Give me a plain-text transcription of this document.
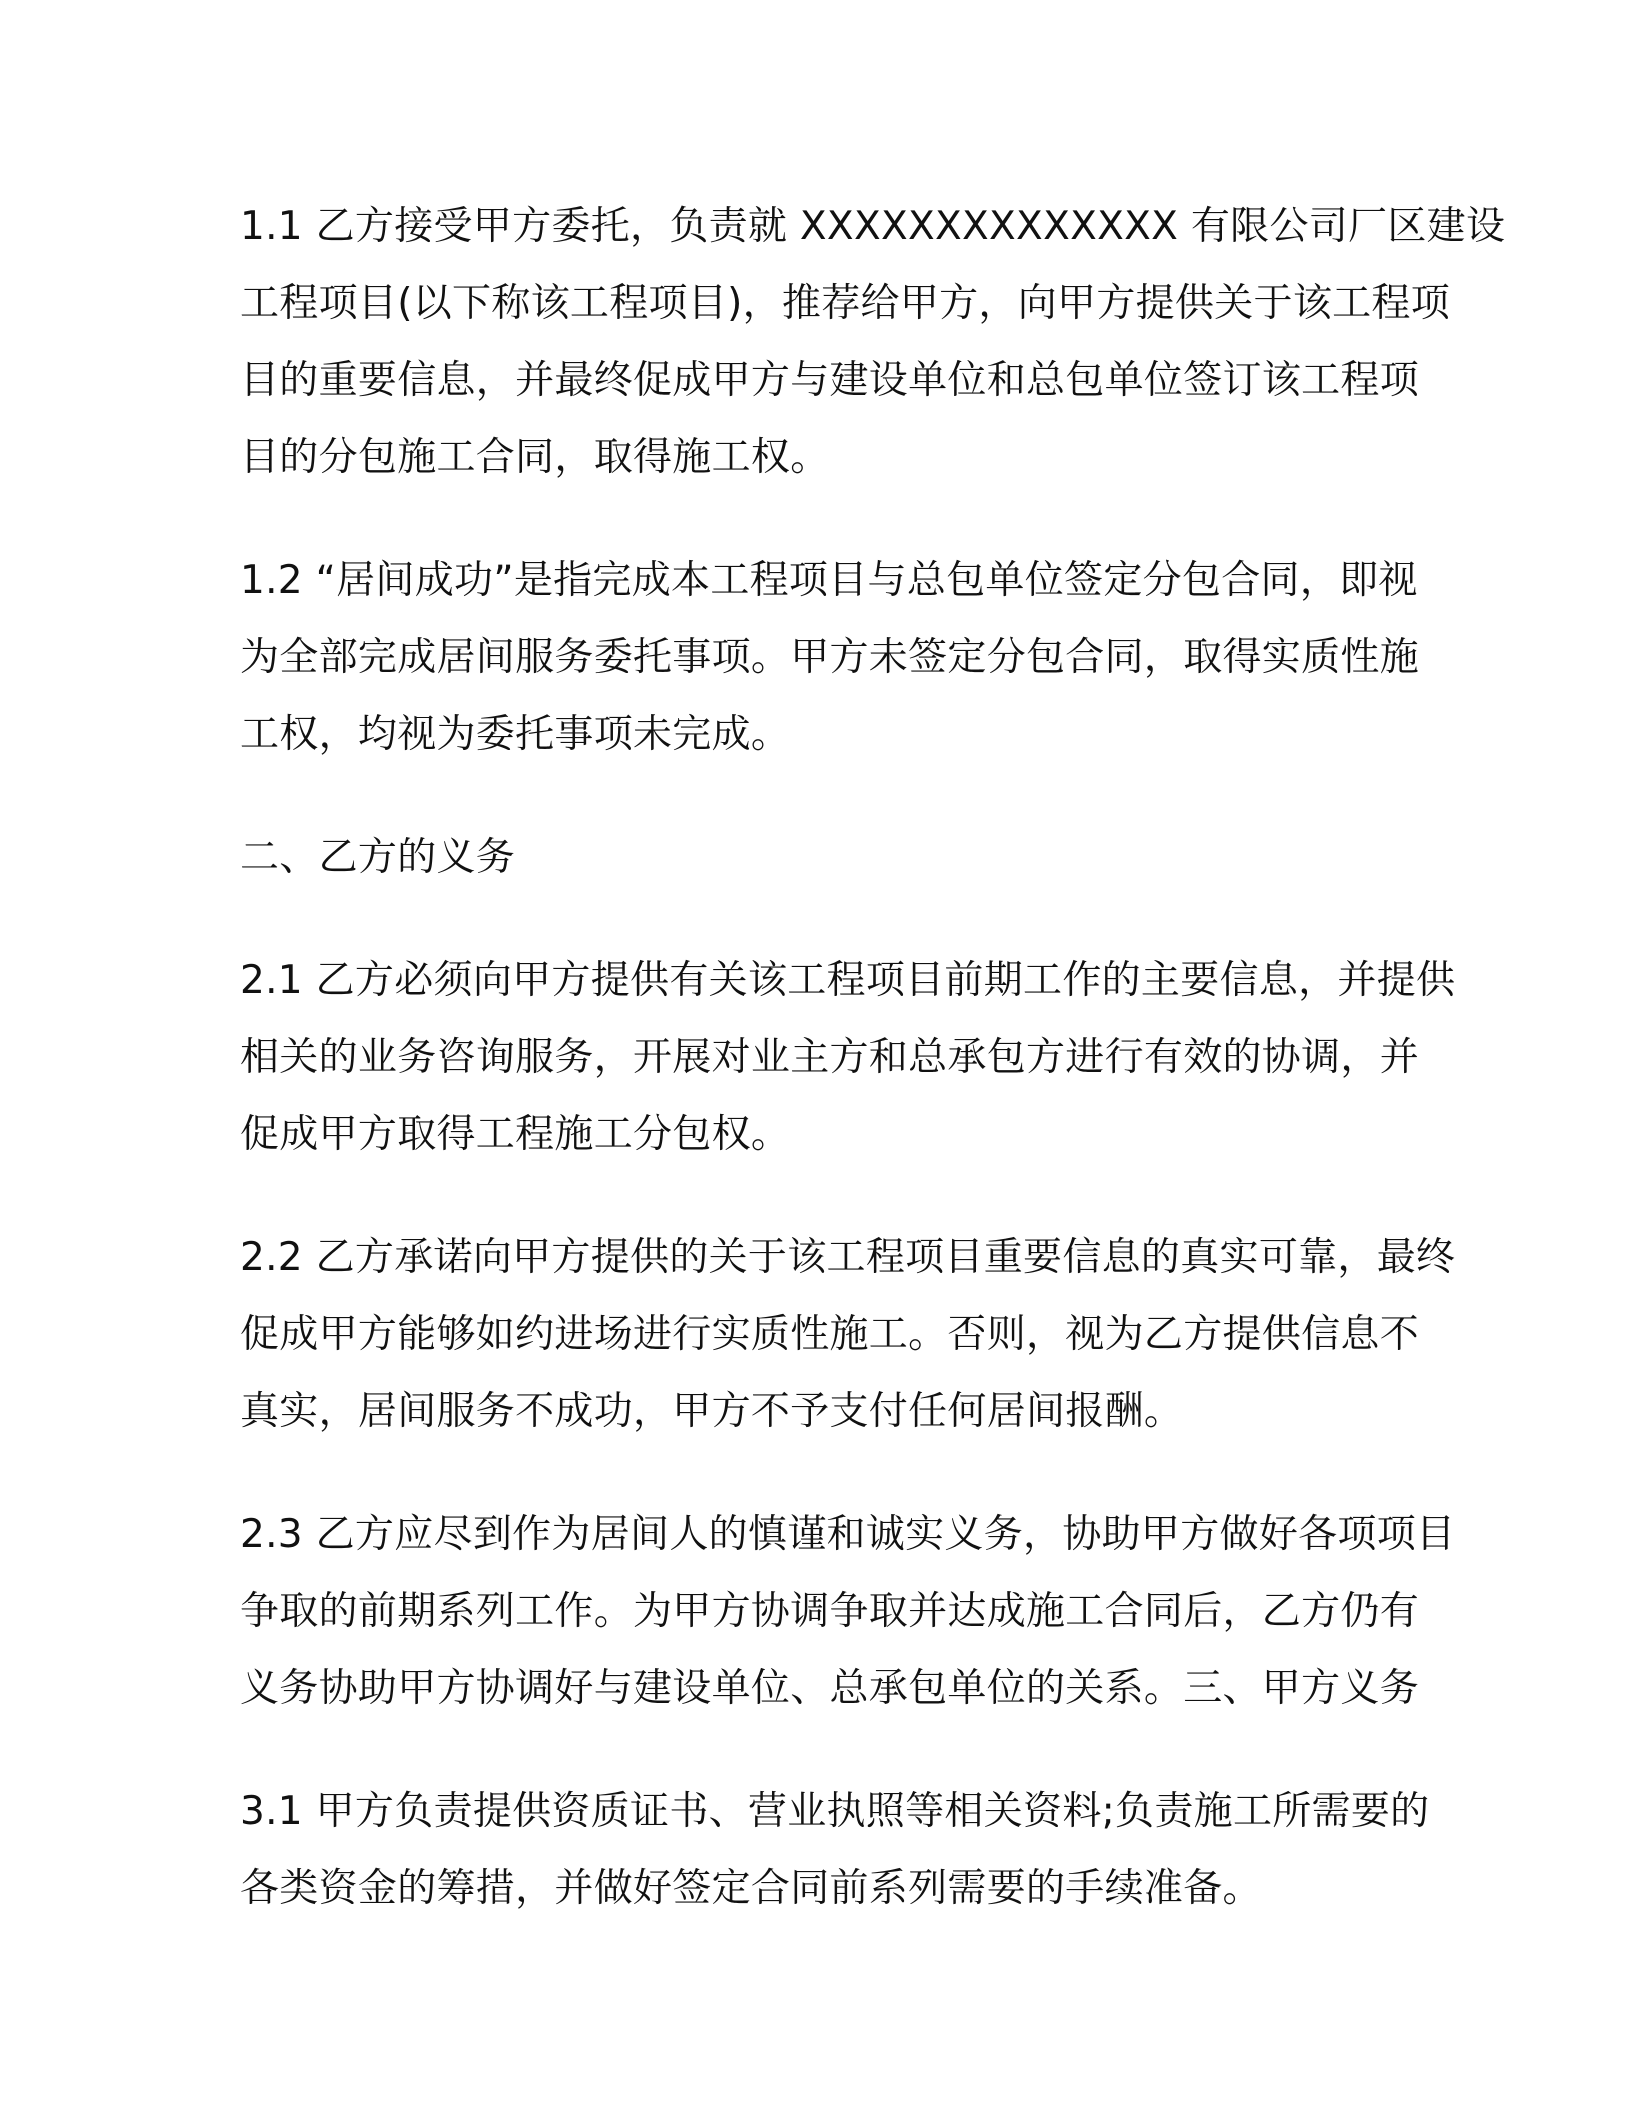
1.1 乙方接受甲方委托，负责就 XXXXXXXXXXXXXX 有限公司厂区建设
工程项目(以下称该工程项目)，推荐给甲方，向甲方提供关于该工程项
目的重要信息，并最终促成甲方与建设单位和总包单位签订该工程项
目的分包施工合同，取得施工权。

1.2 “居间成功”是指完成本工程项目与总包单位签定分包合同，即视
为全部完成居间服务委托事项。甲方未签定分包合同，取得实质性施
工权，均视为委托事项未完成。

二、乙方的义务

2.1 乙方必须向甲方提供有关该工程项目前期工作的主要信息，并提供
相关的业务咨询服务，开展对业主方和总承包方进行有效的协调，并
促成甲方取得工程施工分包权。

2.2 乙方承诺向甲方提供的关于该工程项目重要信息的真实可靠，最终
促成甲方能够如约进场进行实质性施工。否则，视为乙方提供信息不
真实，居间服务不成功，甲方不予支付任何居间报酬。

2.3 乙方应尽到作为居间人的慎谨和诚实义务，协助甲方做好各项项目
争取的前期系列工作。为甲方协调争取并达成施工合同后，乙方仍有
义务协助甲方协调好与建设单位、总承包单位的关系。三、甲方义务

3.1 甲方负责提供资质证书、营业执照等相关资料;负责施工所需要的
各类资金的筹措，并做好签定合同前系列需要的手续准备。
